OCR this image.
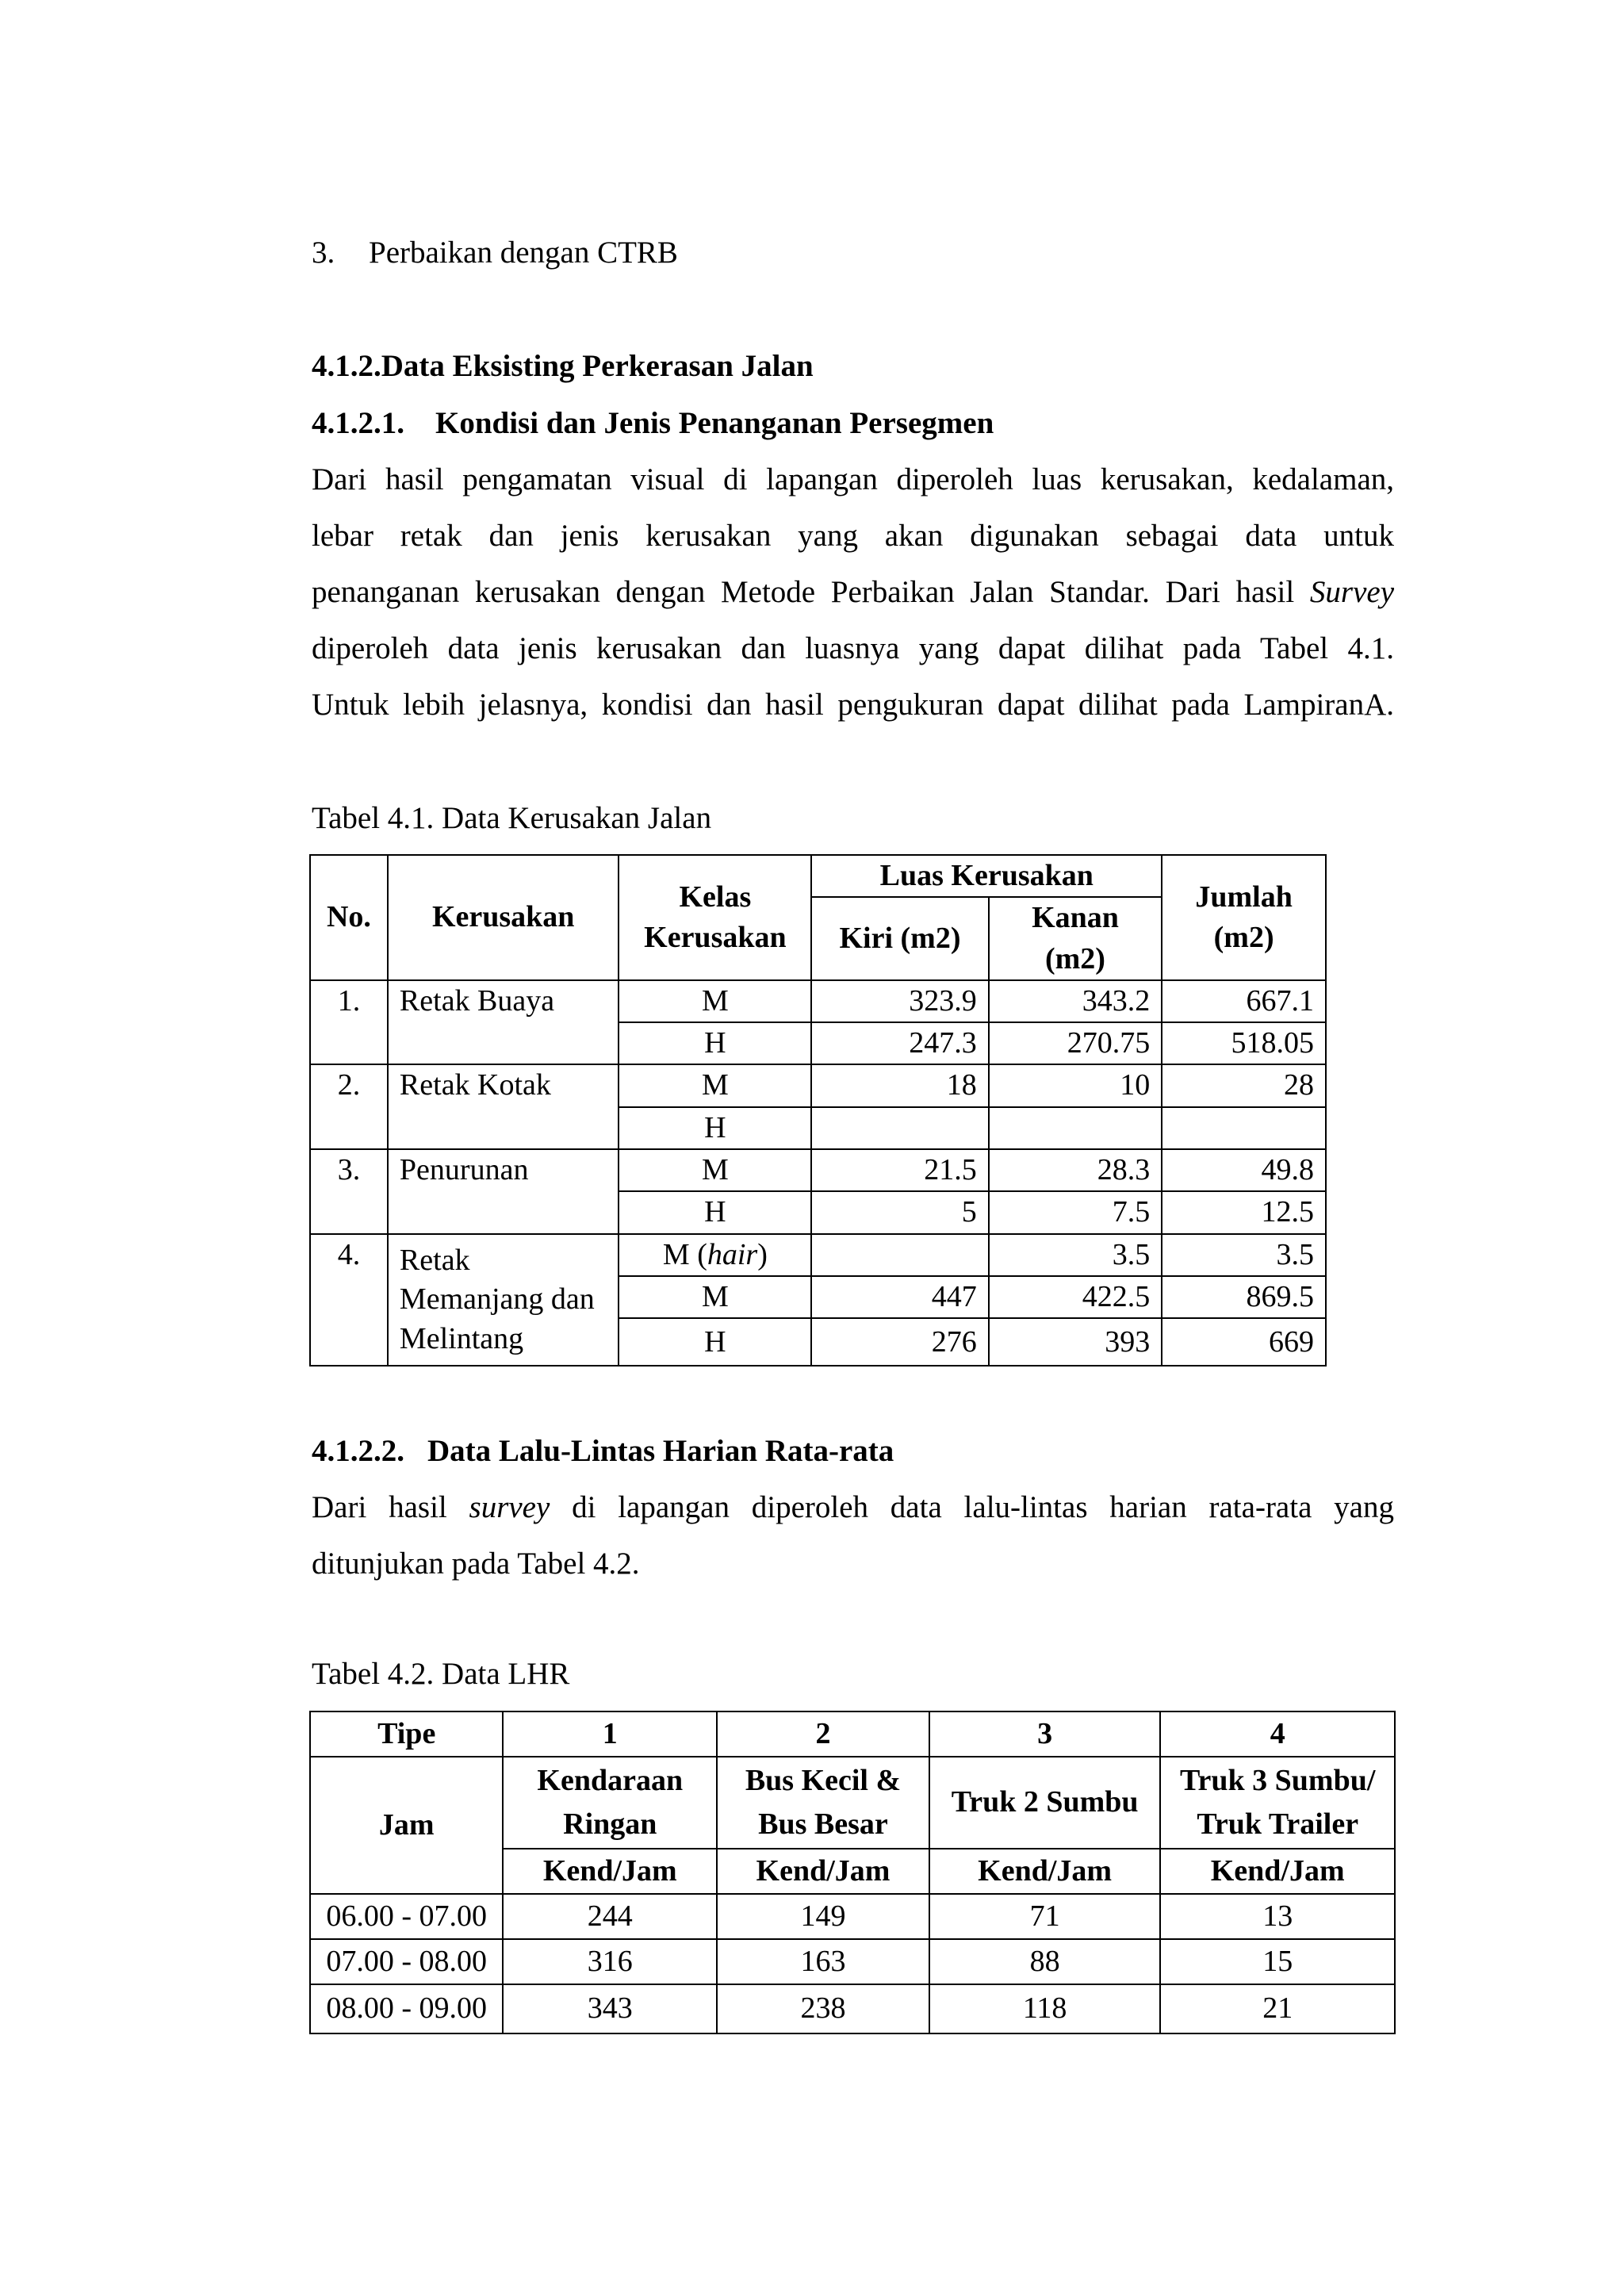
3. Perbaikan dengan CTRB
4.1.2.Data Eksisting Perkerasan Jalan
4.1.2.1. Kondisi dan Jenis Penanganan Persegmen
Dari hasil pengamatan visual di lapangan diperoleh luas kerusakan, kedalaman,
lebar retak dan jenis kerusakan yang akan digunakan sebagai data untuk
penanganan kerusakan dengan Metode Perbaikan Jalan Standar. Dari hasil Survey
diperoleh data jenis kerusakan dan luasnya yang dapat dilihat pada Tabel 4.1.
Untuk lebih jelasnya, kondisi dan hasil pengukuran dapat dilihat pada LampiranA.
Tabel 4.1. Data Kerusakan Jalan
No.	Kerusakan	Kelas Kerusakan	Luas Kerusakan		Jumlah (m2)
			Kiri (m2)	Kanan (m2)	
1.	Retak Buaya	M	323.9	343.2	667.1
		H	247.3	270.75	518.05
2.	Retak Kotak	M	18	10	28
		H			
3.	Penurunan	M	21.5	28.3	49.8
		H	5	7.5	12.5
4.	Retak Memanjang dan Melintang	M (hair)		3.5	3.5
		M	447	422.5	869.5
		H	276	393	669
4.1.2.2. Data Lalu-Lintas Harian Rata-rata
Dari hasil survey di lapangan diperoleh data lalu-lintas harian rata-rata yang
ditunjukan pada Tabel 4.2.
Tabel 4.2. Data LHR
Tipe	1	2	3	4
Jam	Kendaraan Ringan	Bus Kecil & Bus Besar	Truk 2 Sumbu	Truk 3 Sumbu/ Truk Trailer
	Kend/Jam	Kend/Jam	Kend/Jam	Kend/Jam
06.00 - 07.00	244	149	71	13
07.00 - 08.00	316	163	88	15
08.00 - 09.00	343	238	118	21
